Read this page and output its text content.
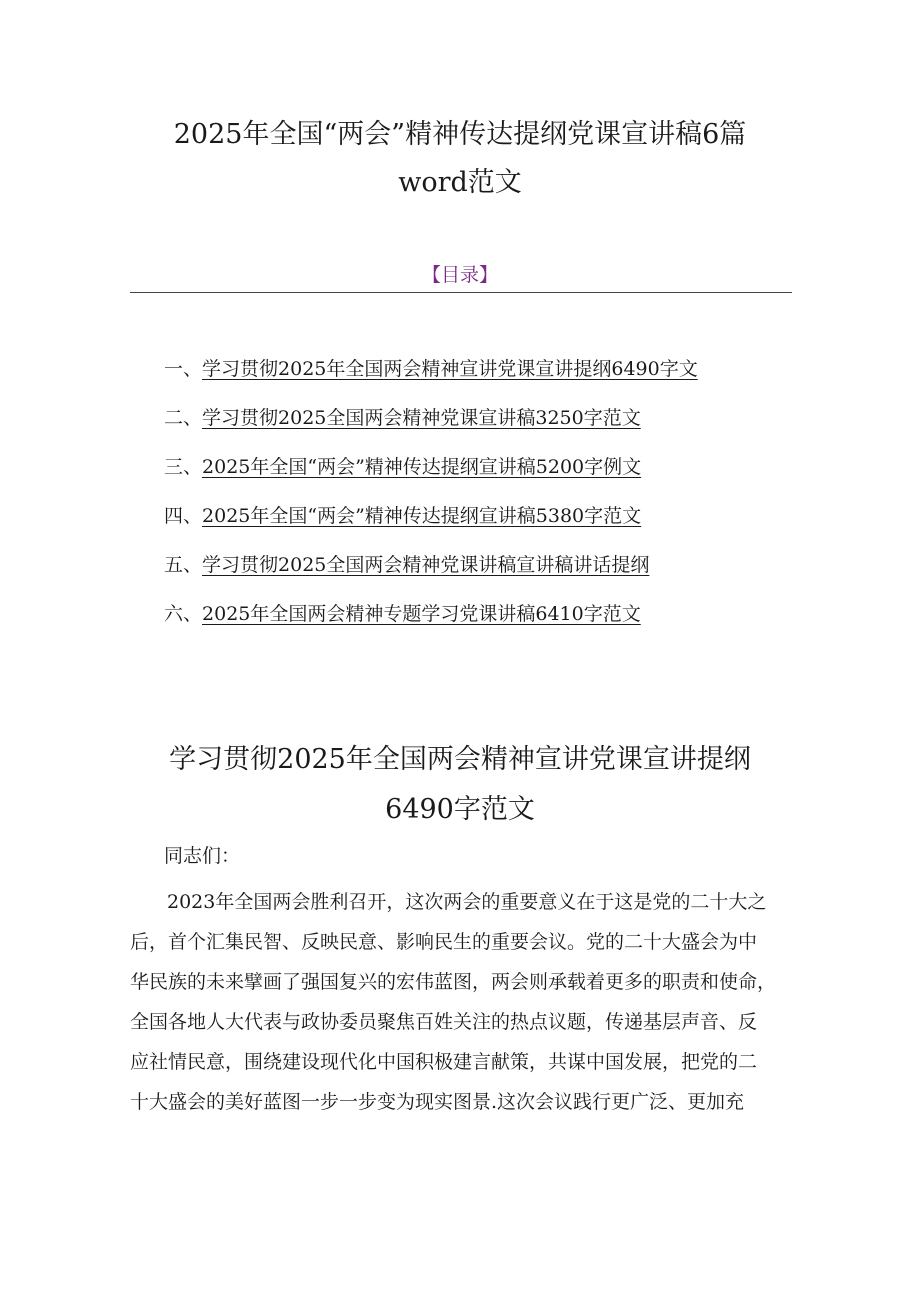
2025年全国“两会”精神传达提纲党课宣讲稿6篇
word范文
【目录】
一、学习贯彻2025年全国两会精神宣讲党课宣讲提纲6490字文
二、学习贯彻2025全国两会精神党课宣讲稿3250字范文
三、2025年全国“两会”精神传达提纲宣讲稿5200字例文
四、2025年全国“两会”精神传达提纲宣讲稿5380字范文
五、学习贯彻2025全国两会精神党课讲稿宣讲稿讲话提纲
六、2025年全国两会精神专题学习党课讲稿6410字范文
学习贯彻2025年全国两会精神宣讲党课宣讲提纲
6490字范文
同志们：
2023年全国两会胜利召开，这次两会的重要意义在于这是党的二十大之
后，首个汇集民智、反映民意、影响民生的重要会议。党的二十大盛会为中
华民族的未来擘画了强国复兴的宏伟蓝图，两会则承载着更多的职责和使命，
全国各地人大代表与政协委员聚焦百姓关注的热点议题，传递基层声音、反
应社情民意，围绕建设现代化中国积极建言献策，共谋中国发展，把党的二
十大盛会的美好蓝图一步一步变为现实图景.这次会议践行更广泛、更加充
